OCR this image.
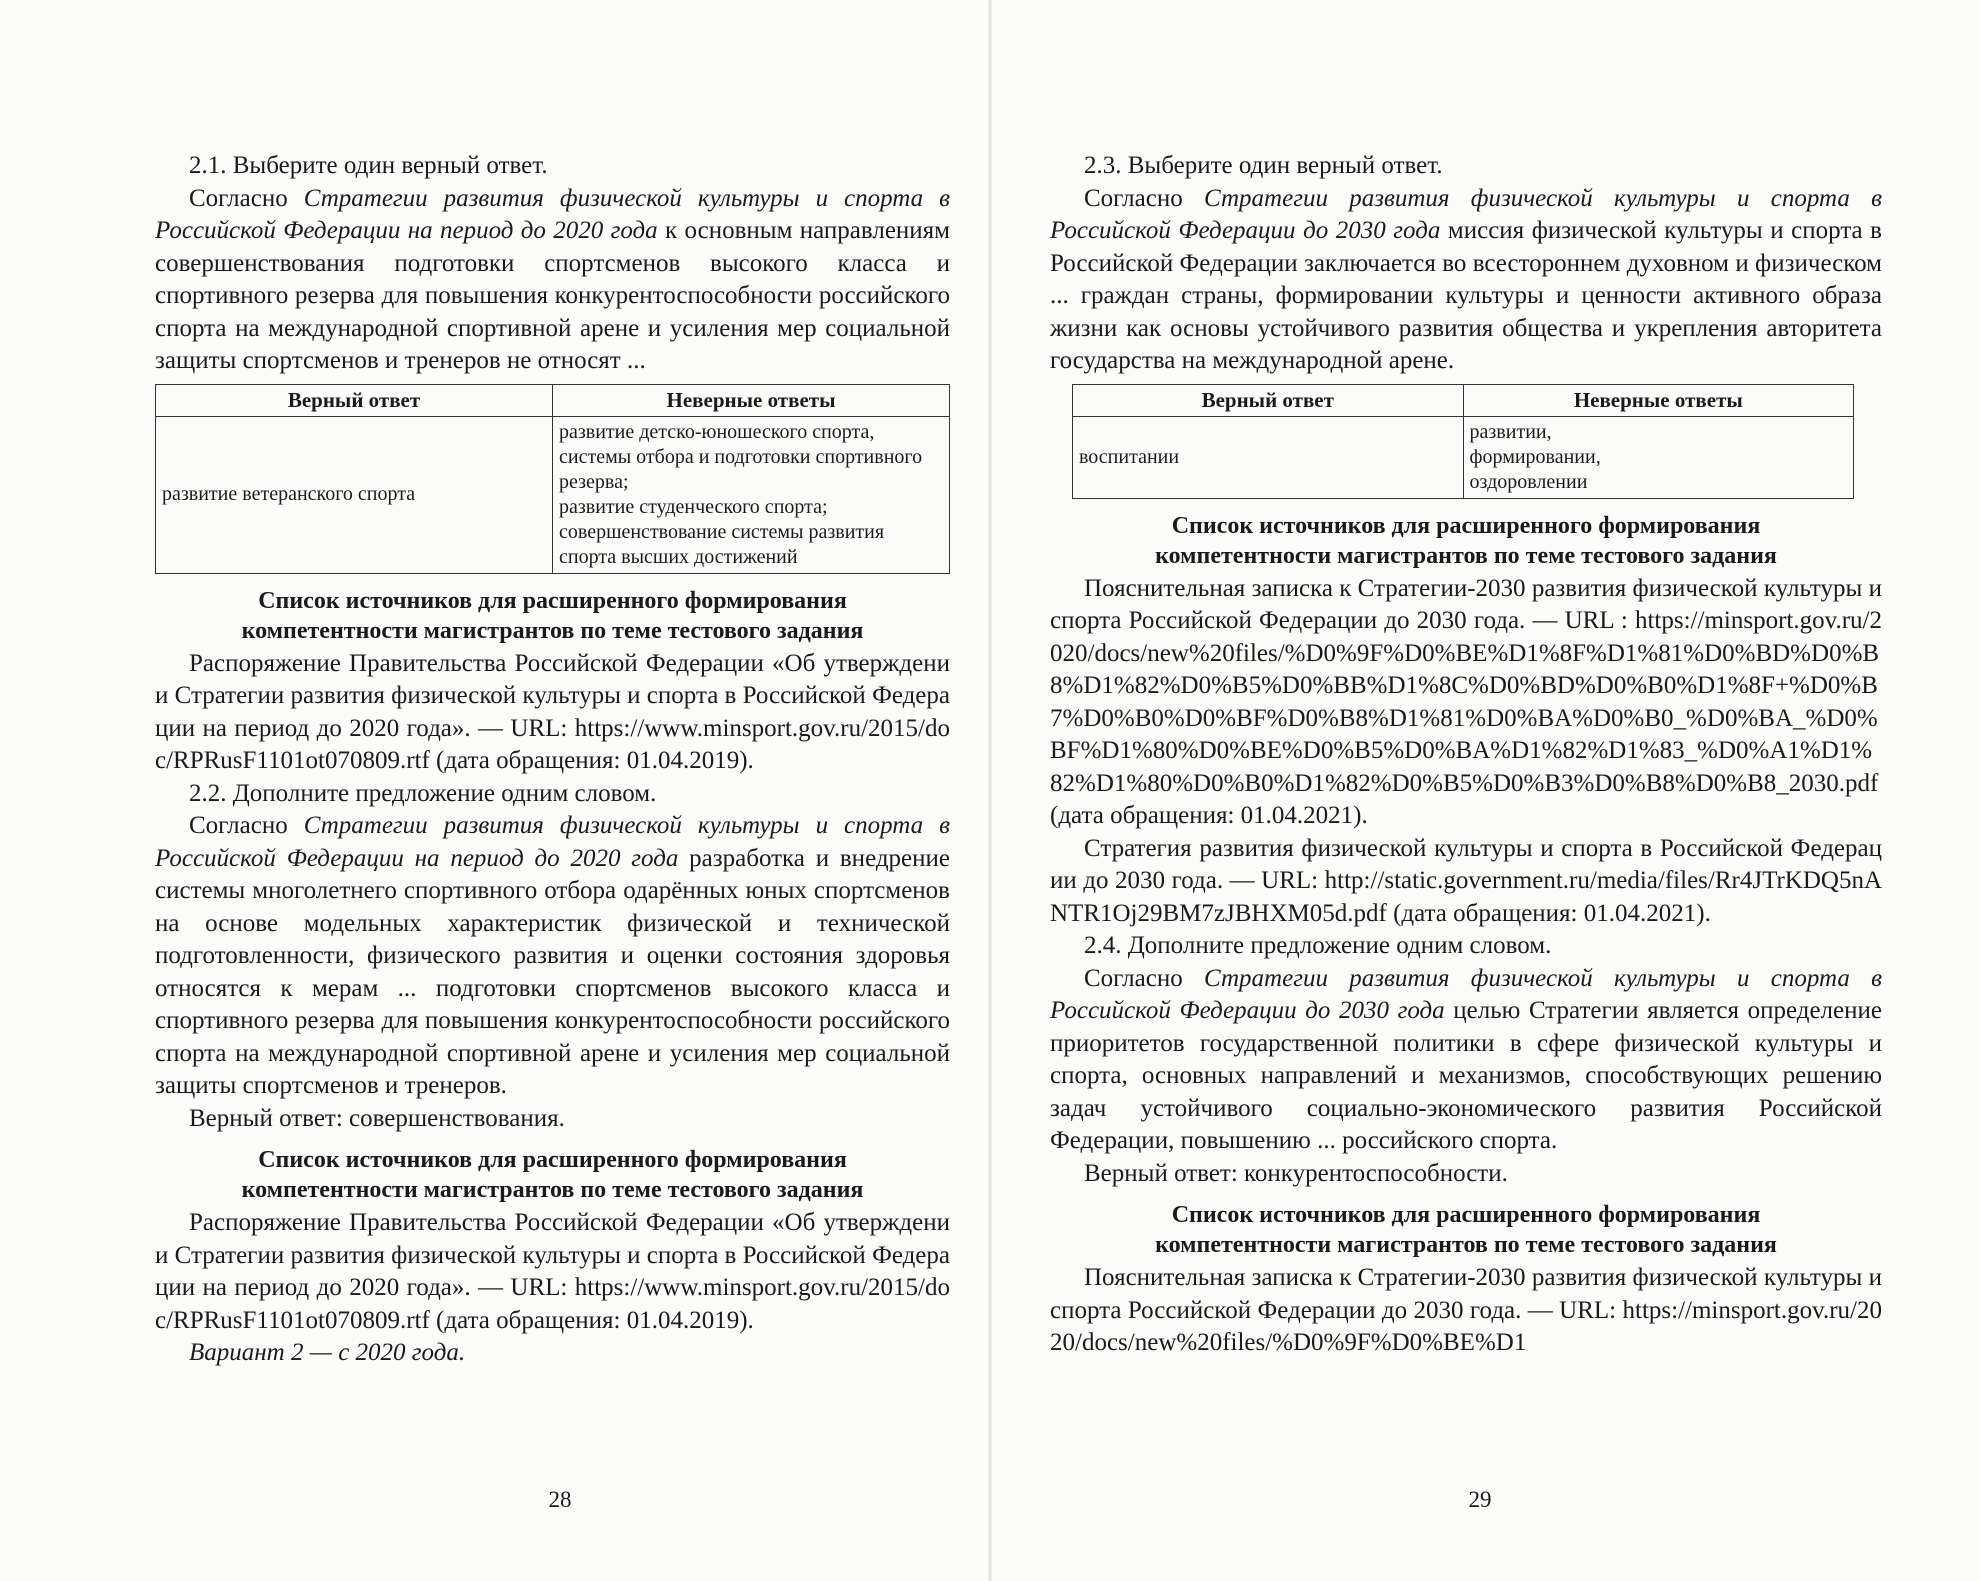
2.1. Выберите один верный ответ.

Согласно Стратегии развития физической культуры и спорта в Российской Федерации на период до 2020 года к основным направлениям совершенствования подготовки спортсменов высокого класса и спортивного резерва для повышения конкурентоспособности российского спорта на международной спортивной арене и усиления мер социальной защиты спортсменов и тренеров не относят ...

Верный ответ	Неверные ответы
развитие ветеранского спорта	развитие детско-юношеского спорта, системы отбора и подготовки спортивного резерва;
развитие студенческого спорта;
совершенствование системы развития спорта высших достижений
Список источников для расширенного формирования
компетентности магистрантов по теме тестового задания

Распоряжение Правительства Российской Федерации «Об утверждении Стратегии развития физической культуры и спорта в Российской Федерации на период до 2020 года». — URL: https://www.minsport.gov.ru/2015/doc/RPRusF1101ot070809.rtf (дата обращения: 01.04.2019).

2.2. Дополните предложение одним словом.

Согласно Стратегии развития физической культуры и спорта в Российской Федерации на период до 2020 года разработка и внедрение системы многолетнего спортивного отбора одарённых юных спортсменов на основе модельных характеристик физической и технической подготовленности, физического развития и оценки состояния здоровья относятся к мерам ... подготовки спортсменов высокого класса и спортивного резерва для повышения конкурентоспособности российского спорта на международной спортивной арене и усиления мер социальной защиты спортсменов и тренеров.

Верный ответ: совершенствования.

Список источников для расширенного формирования
компетентности магистрантов по теме тестового задания

Распоряжение Правительства Российской Федерации «Об утверждении Стратегии развития физической культуры и спорта в Российской Федерации на период до 2020 года». — URL: https://www.minsport.gov.ru/2015/doc/RPRusF1101ot070809.rtf (дата обращения: 01.04.2019).

Вариант 2 — с 2020 года.

28

2.3. Выберите один верный ответ.

Согласно Стратегии развития физической культуры и спорта в Российской Федерации до 2030 года миссия физической культуры и спорта в Российской Федерации заключается во всестороннем духовном и физическом ... граждан страны, формировании культуры и ценности активного образа жизни как основы устойчивого развития общества и укрепления авторитета государства на международной арене.

Верный ответ	Неверные ответы
воспитании	развитии,
формировании,
оздоровлении
Список источников для расширенного формирования
компетентности магистрантов по теме тестового задания

Пояснительная записка к Стратегии-2030 развития физической культуры и спорта Российской Федерации до 2030 года. — URL : https://minsport.gov.ru/2020/docs/new%20files/%D0%9F%D0%BE%D1%8F%D1%81%D0%BD%D0%B8%D1%82%D0%B5%D0%BB%D1%8C%D0%BD%D0%B0%D1%8F+%D0%B7%D0%B0%D0%BF%D0%B8%D1%81%D0%BA%D0%B0_%D0%BA_%D0%BF%D1%80%D0%BE%D0%B5%D0%BA%D1%82%D1%83_%D0%A1%D1%82%D1%80%D0%B0%D1%82%D0%B5%D0%B3%D0%B8%D0%B8_2030.pdf (дата обращения: 01.04.2021).

Стратегия развития физической культуры и спорта в Российской Федерации до 2030 года. — URL: http://static.government.ru/media/files/Rr4JTrKDQ5nANTR1Oj29BM7zJBHXM05d.pdf (дата обращения: 01.04.2021).

2.4. Дополните предложение одним словом.

Согласно Стратегии развития физической культуры и спорта в Российской Федерации до 2030 года целью Стратегии является определение приоритетов государственной политики в сфере физической культуры и спорта, основных направлений и механизмов, способствующих решению задач устойчивого социально-экономического развития Российской Федерации, повышению ... российского спорта.

Верный ответ: конкурентоспособности.

Список источников для расширенного формирования
компетентности магистрантов по теме тестового задания

Пояснительная записка к Стратегии-2030 развития физической культуры и спорта Российской Федерации до 2030 года. — URL: https://minsport.gov.ru/2020/docs/new%20files/%D0%9F%D0%BE%D1

29
